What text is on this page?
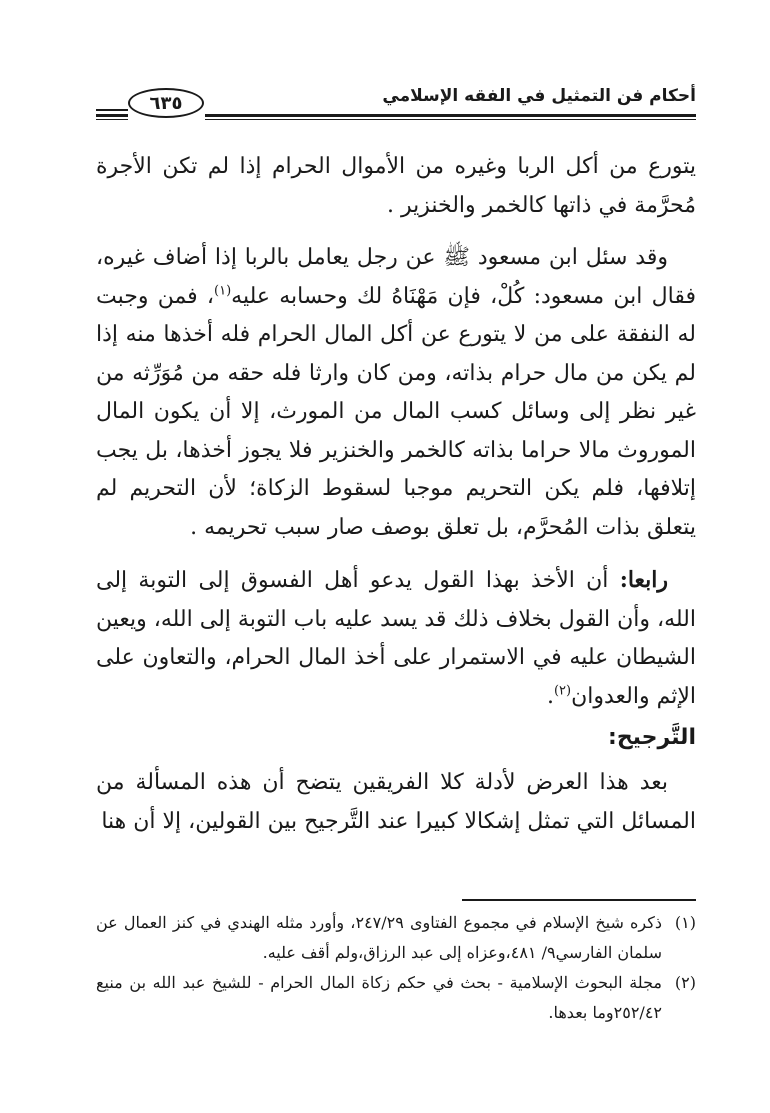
أحكام فن التمثيل في الفقه الإسلامي
٦٣٥

يتورع من أكل الربا وغيره من الأموال الحرام إذا لم تكن الأجرة مُحرَّمة في ذاتها كالخمر والخنزير .

وقد سئل ابن مسعود ﷺ عن رجل يعامل بالربا إذا أضاف غيره، فقال ابن مسعود: كُلْ، فإن مَهْنَاهُ لك وحسابه عليه$^{(١)}$، فمن وجبت له النفقة على من لا يتورع عن أكل المال الحرام فله أخذها منه إذا لم يكن من مال حرام بذاته، ومن كان وارثا فله حقه من مُوَرِّثه من غير نظر إلى وسائل كسب المال من المورث، إلا أن يكون المال الموروث مالا حراما بذاته كالخمر والخنزير فلا يجوز أخذها، بل يجب إتلافها، فلم يكن التحريم موجبا لسقوط الزكاة؛ لأن التحريم لم يتعلق بذات المُحرَّم، بل تعلق بوصف صار سبب تحريمه .

رابعا: أن الأخذ بهذا القول يدعو أهل الفسوق إلى التوبة إلى الله، وأن القول بخلاف ذلك قد يسد عليه باب التوبة إلى الله، ويعين الشيطان عليه في الاستمرار على أخذ المال الحرام، والتعاون على الإثم والعدوان$^{(٢)}$.

التَّرجيح:

بعد هذا العرض لأدلة كلا الفريقين يتضح أن هذه المسألة من المسائل التي تمثل إشكالا كبيرا عند التَّرجيح بين القولين، إلا أن هنا

(١)
ذكره شيخ الإسلام في مجموع الفتاوى ٢٤٧/٢٩، وأورد مثله الهندي في كنز العمال عن سلمان الفارسي٩/ ٤٨١،وعزاه إلى عبد الرزاق،ولم أقف عليه.

(٢)
مجلة البحوث الإسلامية - بحث في حكم زكاة المال الحرام - للشيخ عبد الله بن منيع ٢٥٢/٤٢وما بعدها.
